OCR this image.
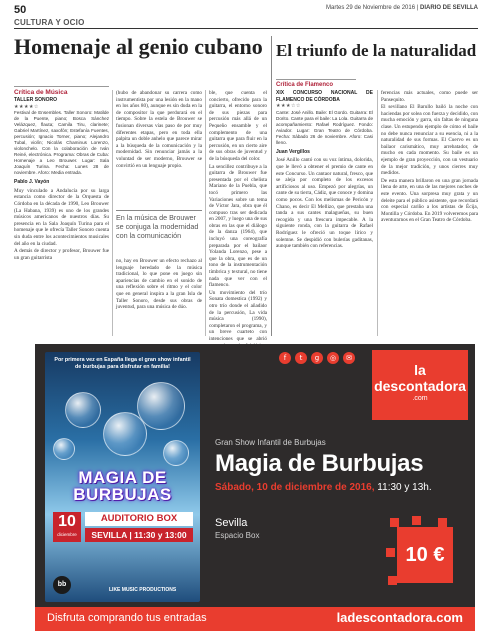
50	Martes 29 de Noviembre de 2016 | DIARIO DE SEVILLA
CULTURA Y OCIO
Homenaje al genio cubano
Crítica de Música
TALLER SONORO
★★★★☆
Festival de Ensembles. Taller Sonoro: Matilde de la Puente, piano; Bosca Sánchez Velázquez, flauta; Camila Tiru, clarinete; Gabriel Martínez, saxofón; Estefanía Fuentes, percusión; Ignacio Torner, piano; Alejandro Tubal, violín; Nicolás Chaminus Lorenzo, violonchelo. Con la colaboración de Iván Reiné, electrónica. Programa: Obras de Cuba: Homenaje a Leo Brouwer. Lugar: Sala Joaquín Turina. Fecha: Lunes 28 de noviembre. Aforo: Media entrada.
Pablo J. Vayón

Muy vinculado a Andalucía por su larga estancia como director de la Orquesta de Córdoba en la década de 1990, Leo Brouwer (La Habana, 1939) es uno de los grandes músicos americanos de nuestros días. Su presencia en la Sala Joaquín Turina para el homenaje que le ofrecía Taller Sonoro cuenta sin duda entre los acontecimientos musicales del año en la ciudad.

A demás de director y profesor, Brouwer fue un gran guitarrista

(hubo de abandonar su carrera como instrumentista por una lesión en la mano en los años 80), aunque es sin duda en la de compositor la que perdurará en el tiempo. Sobre la estela de Brouwer se fusionan diversas vías paso de por muy diferentes etapas, pero en toda ella palpita un doble anhelo que parece mirar a la búsqueda de la comunicación y la modernidad. Sin renunciar jamás a la voluntad de ser moderno, Brouwer se convirtió en un lenguaje propio.

En la música de Brouwer se conjuga la modernidad con la comunicación

no, hay en Brouwer un efecto rechazo al lenguaje heredado de la música tradicional, lo que pone en juego sin apariencias de cambio en el sonido de una reflexión sobre el ritmo y el color que en general inspira a la gran Isla de Taller Sonoro, desde sus obras de juventud, para una música de dúo.

ble, que cuenta el concierto, ofrecido para la guitarra, el entorno sonoro de sus piezas para percusión más allá de un Pequeño ensamble y el complemento de una guitarra que para fluir en la percusión, en un cierto aire de sus obras de juventud y de la búsqueda del color.

La sencillez contribuye a la guitarra de Brouwer fue presentada por el chelista Mariano de la Puebla, que tocó primero las Variaciones sobre un tema de Víctor Jara, obra que él compuso tras ser dedicada en 2007, y luego una de sus obras en las que el diálogo de la danza (1964), que incluyó una coreografía preparada por el bailaor Yolanda Lorenzo, pese a que la obra, que es de un tono de la instrumentación tímbrica y textural, no tiene nada que ver con el flamenco.

Un movimiento del trío Sonata domestica (1992) y otro trío donde el añadido de la percusión, La vida música (1990), completaron el programa, y un breve cuarteto con intenciones que se abrió

El triunfo de la naturalidad
Crítica de Flamenco
XIX CONCURSO NACIONAL DE FLAMENCO DE CÓRDOBA
★★★☆☆
Cante: José Anillo. Baile: El Gordo. Guitarra: El Dorito. Cante para el baile: La Lola. Guitarra de acompañamiento: Rafael Rodríguez. Fondo: Aviador. Lugar: Gran Teatro de Córdoba. Fecha: Sábado 26 de noviembre. Aforo: Casi lleno.
Juan Vergillos

José Anillo cantó con su voz íntima, dolorida, que le llevó a obtener el premio de cante en este Concurso. Un cantaor natural, fresco, que se aleja por completo de los excesos artificiosos al uso. Empezó por alegrías, un cante de su tierra, Cádiz, que conoce y domina como pocos. Con los melismas de Pericón y Chano, es decir El Mellizo, que prestaba una tanda a sus cantes malagueñas, su buen recogido y una frescura impecable. A la siguiente ronda, con la guitarra de Rafael Rodríguez le ofreció un toque lírico y solemne. Se despidió con bulerías gaditanas, aunque también con referencias.

ferencias más actuales, como puede ser Pansequito.

El sevillano El Barullo bailó la noche con haciendas por solea con fuerza y decidido, con mucha emoción y garra, sin faltas de ninguna clase. Un estupendo ejemplo de cómo el baile no debe nunca renunciar a su esencia, ni a la naturalidad de sus formas. El Cuervo es un bailaor carismático, muy arrebatador, de mucho en cada momento. Su baile es un ejemplo de gran proyección, con un vestuario de la mejor tradición, y unos cierres muy medidos.

De esta manera brillaron en una gran jornada llena de arte, en una de las mejores noches de este evento. Una sorpresa muy grata y un deleite para el público asistente, que recordará con especial cariño a los artistas de Écija, Montilla y Córdoba. En 2019 volveremos para aventurarnos en el Gran Teatro de Córdoba.

Por primera vez en España llega el gran show infantil de burbujas para disfrutar en familia!
MAGIA DE
BURBUJAS
10
diciembre
AUDITORIO BOX
SEVILLA | 11:30 y 13:00
bb
LIKE MUSIC PRODUCTIONS
f	t	g	◎	✉
la
descontadora
.com
Gran Show Infantil de Burbujas
Magia de Burbujas
Sábado, 10 de diciembre de 2016, 11:30 y 13h.
Sevilla
Espacio Box
10 €
Disfruta comprando tus entradas	ladescontadora.com
